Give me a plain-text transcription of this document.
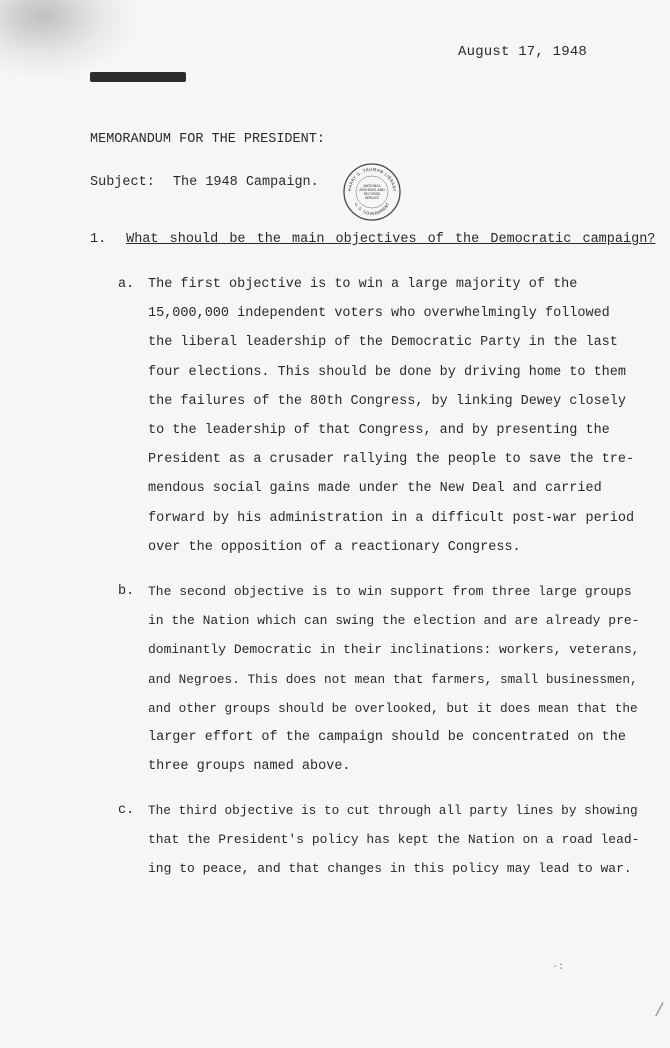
August 17, 1948
MEMORANDUM FOR THE PRESIDENT:
Subject: The 1948 Campaign.	HARRY S. TRUMAN LIBRARY
NATIONAL ARCHIVES AND RECORDS SERVICE
U. S. GOVERNMENT
1. What should be the main objectives of the Democratic campaign?
a. The first objective is to win a large majority of the
15,000,000 independent voters who overwhelmingly followed
the liberal leadership of the Democratic Party in the last
four elections. This should be done by driving home to them
the failures of the 80th Congress, by linking Dewey closely
to the leadership of that Congress, and by presenting the
President as a crusader rallying the people to save the tre-
mendous social gains made under the New Deal and carried
forward by his administration in a difficult post-war period
over the opposition of a reactionary Congress.
b. The second objective is to win support from three large groups
in the Nation which can swing the election and are already pre-
dominantly Democratic in their inclinations: workers, veterans,
and Negroes. This does not mean that farmers, small businessmen,
and other groups should be overlooked, but it does mean that the
larger effort of the campaign should be concentrated on the
three groups named above.
c. The third objective is to cut through all party lines by showing
that the President's policy has kept the Nation on a road lead-
ing to peace, and that changes in this policy may lead to war.
·:
/
